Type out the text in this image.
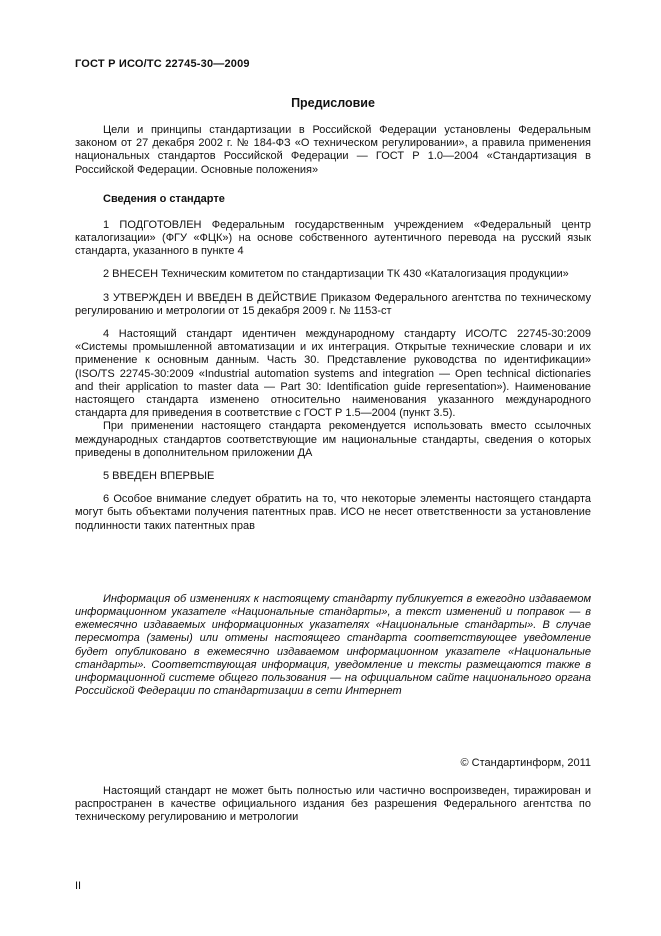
ГОСТ Р ИСО/ТС 22745-30—2009
Предисловие

Цели и принципы стандартизации в Российской Федерации установлены Федеральным законом от 27 декабря 2002 г. № 184-ФЗ «О техническом регулировании», а правила применения национальных стандартов Российской Федерации — ГОСТ Р 1.0—2004 «Стандартизация в Российской Федерации. Основные положения»

Сведения о стандарте

1 ПОДГОТОВЛЕН Федеральным государственным учреждением «Федеральный центр каталогизации» (ФГУ «ФЦК») на основе собственного аутентичного перевода на русский язык стандарта, указанного в пункте 4

2 ВНЕСЕН Техническим комитетом по стандартизации ТК 430 «Каталогизация продукции»

3 УТВЕРЖДЕН И ВВЕДЕН В ДЕЙСТВИЕ Приказом Федерального агентства по техническому регулированию и метрологии от 15 декабря 2009 г. № 1153-ст

4 Настоящий стандарт идентичен международному стандарту ИСО/ТС 22745-30:2009 «Системы промышленной автоматизации и их интеграция. Открытые технические словари и их применение к основным данным. Часть 30. Представление руководства по идентификации» (ISO/TS 22745-30:2009 «Industrial automation systems and integration — Open technical dictionaries and their application to master data — Part 30: Identification guide representation»). Наименование настоящего стандарта изменено относительно наименования указанного международного стандарта для приведения в соответствие с ГОСТ Р 1.5—2004 (пункт 3.5).

При применении настоящего стандарта рекомендуется использовать вместо ссылочных международных стандартов соответствующие им национальные стандарты, сведения о которых приведены в дополнительном приложении ДА

5 ВВЕДЕН ВПЕРВЫЕ

6 Особое внимание следует обратить на то, что некоторые элементы настоящего стандарта могут быть объектами получения патентных прав. ИСО не несет ответственности за установление подлинности таких патентных прав

Информация об изменениях к настоящему стандарту публикуется в ежегодно издаваемом информационном указателе «Национальные стандарты», а текст изменений и поправок — в ежемесячно издаваемых информационных указателях «Национальные стандарты». В случае пересмотра (замены) или отмены настоящего стандарта соответствующее уведомление будет опубликовано в ежемесячно издаваемом информационном указателе «Национальные стандарты». Соответствующая информация, уведомление и тексты размещаются также в информационной системе общего пользования — на официальном сайте национального органа Российской Федерации по стандартизации в сети Интернет

© Стандартинформ, 2011

Настоящий стандарт не может быть полностью или частично воспроизведен, тиражирован и распространен в качестве официального издания без разрешения Федерального агентства по техническому регулированию и метрологии

II
